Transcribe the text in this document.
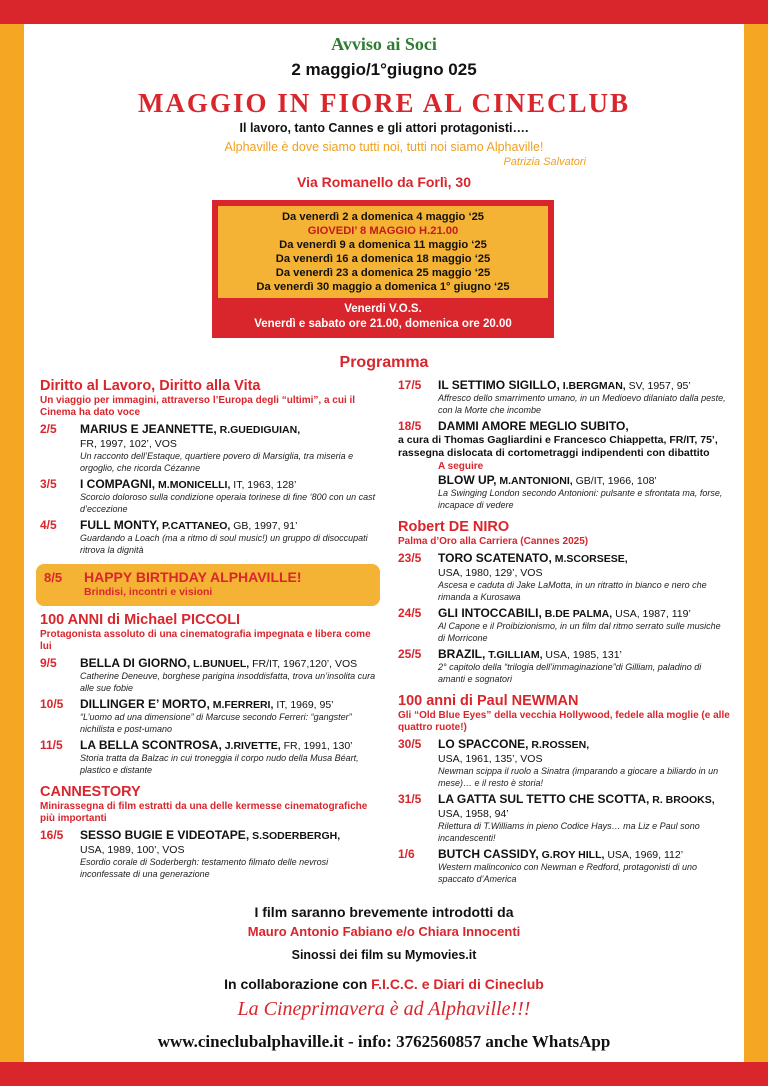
Avviso ai Soci
2 maggio/1°giugno 025
MAGGIO IN FIORE AL CINECLUB
Il lavoro, tanto Cannes e gli attori protagonisti….
Alphaville è dove siamo tutti noi, tutti noi siamo Alphaville!
Patrizia Salvatori
Via Romanello da Forlì, 30
Da venerdì 2 a domenica 4 maggio ‘25
GIOVEDI’ 8 MAGGIO H.21.00
Da venerdì 9 a domenica 11 maggio ‘25
Da venerdì 16 a domenica 18 maggio ‘25
Da venerdì 23 a domenica 25 maggio ‘25
Da venerdì 30 maggio a domenica 1° giugno ‘25
Venerdi V.O.S.
Venerdì e sabato ore 21.00, domenica ore 20.00
Programma
Diritto al Lavoro, Diritto alla Vita
Un viaggio per immagini, attraverso l’Europa degli “ultimi”, a cui il Cinema ha dato voce
2/5	MARIUS E JEANNETTE, R.GUEDIGUIAN,
FR, 1997, 102’, VOS
Un racconto dell’Estaque, quartiere povero di Marsiglia, tra miseria e orgoglio, che ricorda Cézanne
3/5	I COMPAGNI, M.MONICELLI, IT, 1963, 128’
Scorcio doloroso sulla condizione operaia torinese di fine ‘800 con un cast d’eccezione
4/5	FULL MONTY, P.CATTANEO, GB, 1997, 91’
Guardando a Loach (ma a ritmo di soul music!) un gruppo di disoccupati ritrova la dignità
8/5	HAPPY BIRTHDAY ALPHAVILLE!
Brindisi, incontri e visioni
100 ANNI di Michael PICCOLI
Protagonista assoluto di una cinematografia impegnata e libera come lui
9/5	BELLA DI GIORNO, L.BUNUEL, FR/IT, 1967,120’, VOS
Catherine Deneuve, borghese parigina insoddisfatta, trova un’insolita cura alle sue fobie
10/5	DILLINGER E’ MORTO, M.FERRERI, IT, 1969, 95’
“L’uomo ad una dimensione” di Marcuse secondo Ferreri: “gangster” nichilista e post-umano
11/5	LA BELLA SCONTROSA, J.RIVETTE, FR, 1991, 130’
Storia tratta da Balzac in cui troneggia il corpo nudo della Musa Béart, plastico e distante
CANNESTORY
Minirassegna di film estratti da una delle kermesse cinematografiche più importanti
16/5	SESSO BUGIE E VIDEOTAPE, S.SODERBERGH,
USA, 1989, 100’, VOS
Esordio corale di Soderbergh: testamento filmato delle nevrosi inconfessate di una generazione
17/5	IL SETTIMO SIGILLO, I.BERGMAN, SV, 1957, 95’
Affresco dello smarrimento umano, in un Medioevo dilaniato dalla peste, con la Morte che incombe
18/5	DAMMI AMORE MEGLIO SUBITO,
a cura di Thomas Gagliardini e Francesco Chiappetta, FR/IT, 75’, rassegna dislocata di cortometraggi indipendenti con dibattito
A seguire
BLOW UP, M.ANTONIONI, GB/IT, 1966, 108’
La Swinging London secondo Antonioni: pulsante e sfrontata ma, forse, incapace di vedere
Robert DE NIRO
Palma d’Oro alla Carriera (Cannes 2025)
23/5	TORO SCATENATO, M.SCORSESE,
USA, 1980, 129’, VOS
Ascesa e caduta di Jake LaMotta, in un ritratto in bianco e nero che rimanda a Kurosawa
24/5	GLI INTOCCABILI, B.DE PALMA, USA, 1987, 119’
Al Capone e il Proibizionismo, in un film dal ritmo serrato sulle musiche di Morricone
25/5	BRAZIL, T.GILLIAM, USA, 1985, 131’
2° capitolo della “trilogia dell’immaginazione”di Gilliam, paladino di amanti e sognatori
100 anni di Paul NEWMAN
Gli “Old Blue Eyes” della vecchia Hollywood, fedele alla moglie (e alle quattro ruote!)
30/5	LO SPACCONE, R.ROSSEN,
USA, 1961, 135’, VOS
Newman scippa il ruolo a Sinatra (imparando a giocare a biliardo in un mese)… e il resto è storia!
31/5	LA GATTA SUL TETTO CHE SCOTTA, R. BROOKS,
USA, 1958, 94’
Rilettura di T.Williams in pieno Codice Hays… ma Liz e Paul sono incandescenti!
1/6	BUTCH CASSIDY, G.ROY HILL, USA, 1969, 112’
Western malinconico con Newman e Redford, protagonisti di uno spaccato d’America
I film saranno brevemente introdotti da
Mauro Antonio Fabiano e/o Chiara Innocenti
Sinossi dei film su Mymovies.it
In collaborazione con F.I.C.C. e Diari di Cineclub
La Cineprimavera è ad Alphaville!!!
www.cineclubalphaville.it - info: 3762560857 anche WhatsApp
